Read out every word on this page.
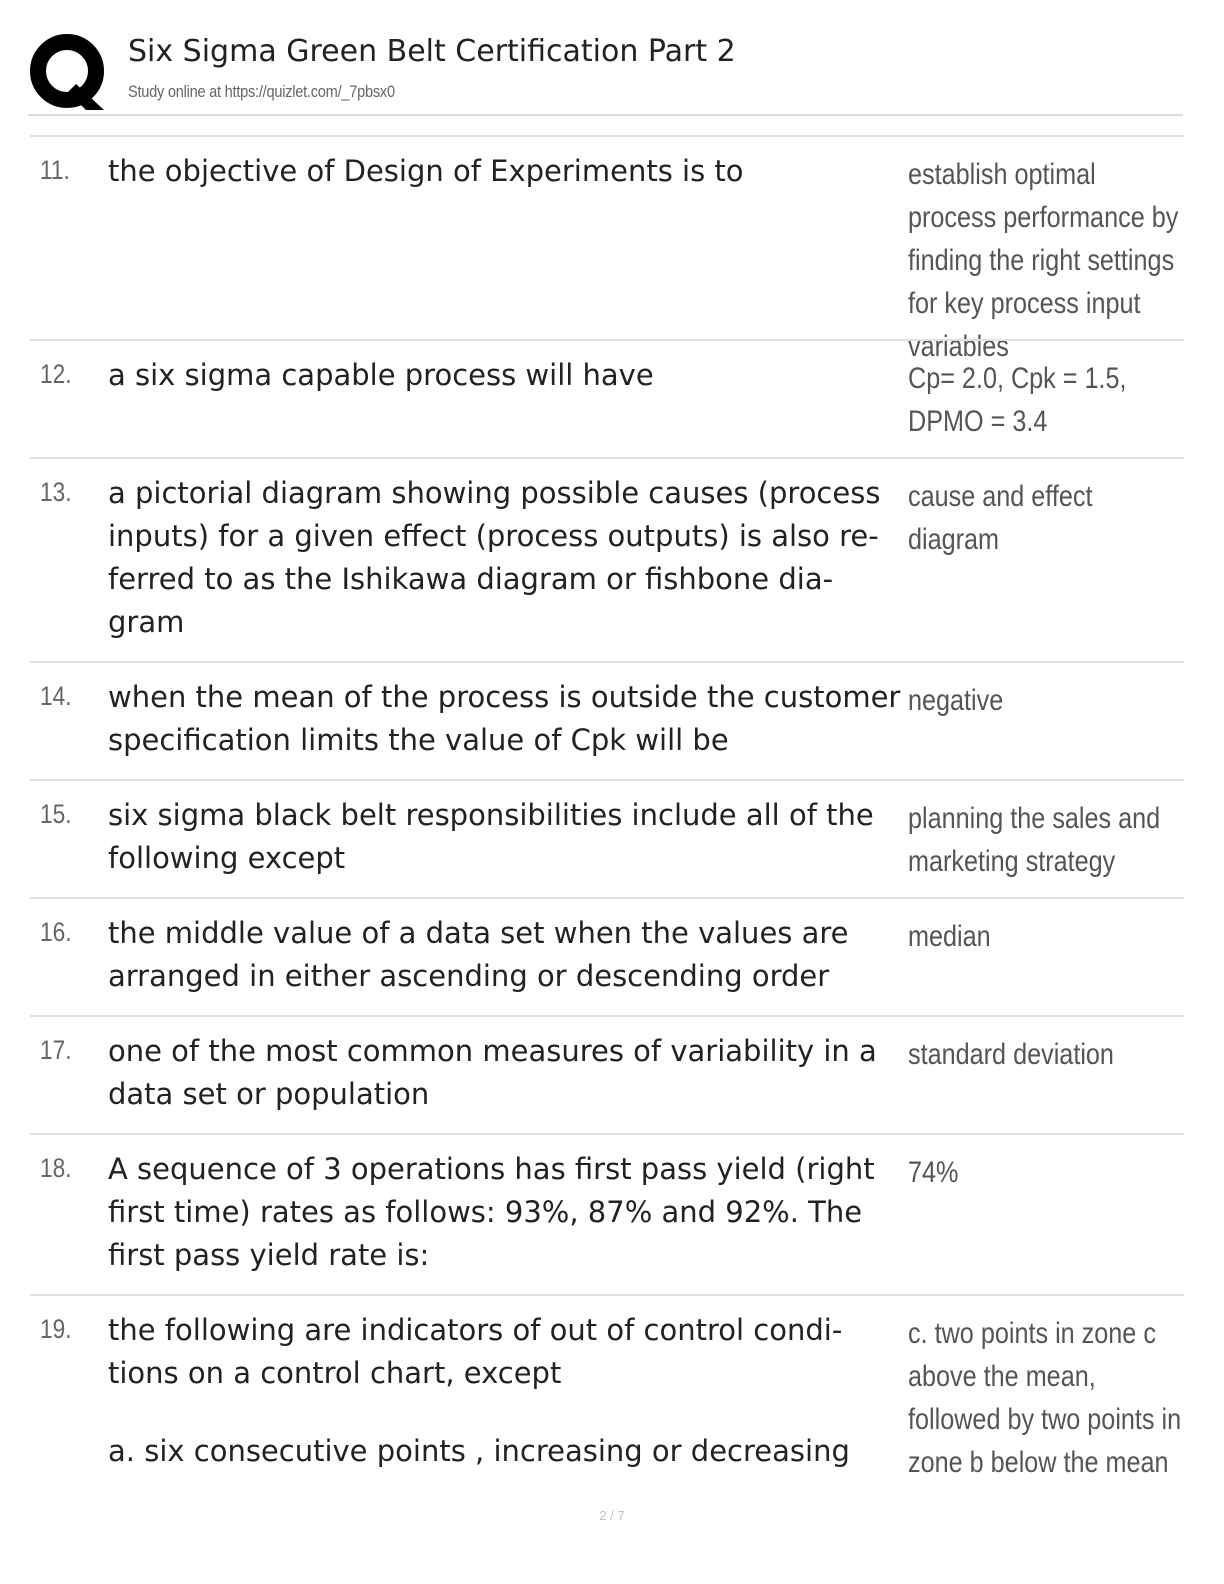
Six Sigma Green Belt Certification Part 2
Study online at https://quizlet.com/_7pbsx0
11. the objective of Design of Experiments is to	establish optimal process performance by finding the right settings for key process input variables
12. a six sigma capable process will have	Cp= 2.0, Cpk = 1.5, DPMO = 3.4
13. a pictorial diagram showing possible causes (process inputs) for a given effect (process outputs) is also re- ferred to as the Ishikawa diagram or fishbone dia- gram
cause and effect diagram
14. when the mean of the process is outside the customer specification limits the value of Cpk will be
negative
15. six sigma black belt responsibilities include all of the following except
planning the sales and marketing strategy
16. the middle value of a data set when the values are arranged in either ascending or descending order
median
17. one of the most common measures of variability in a data set or population
standard deviation
18. A sequence of 3 operations has first pass yield (right first time) rates as follows: 93%, 87% and 92%. The first pass yield rate is:
74%
19. the following are indicators of out of control condi- tions on a control chart, except
a. six consecutive points , increasing or decreasing
c. two points in zone c above the mean, followed by two points in zone b below the mean
2 / 7
